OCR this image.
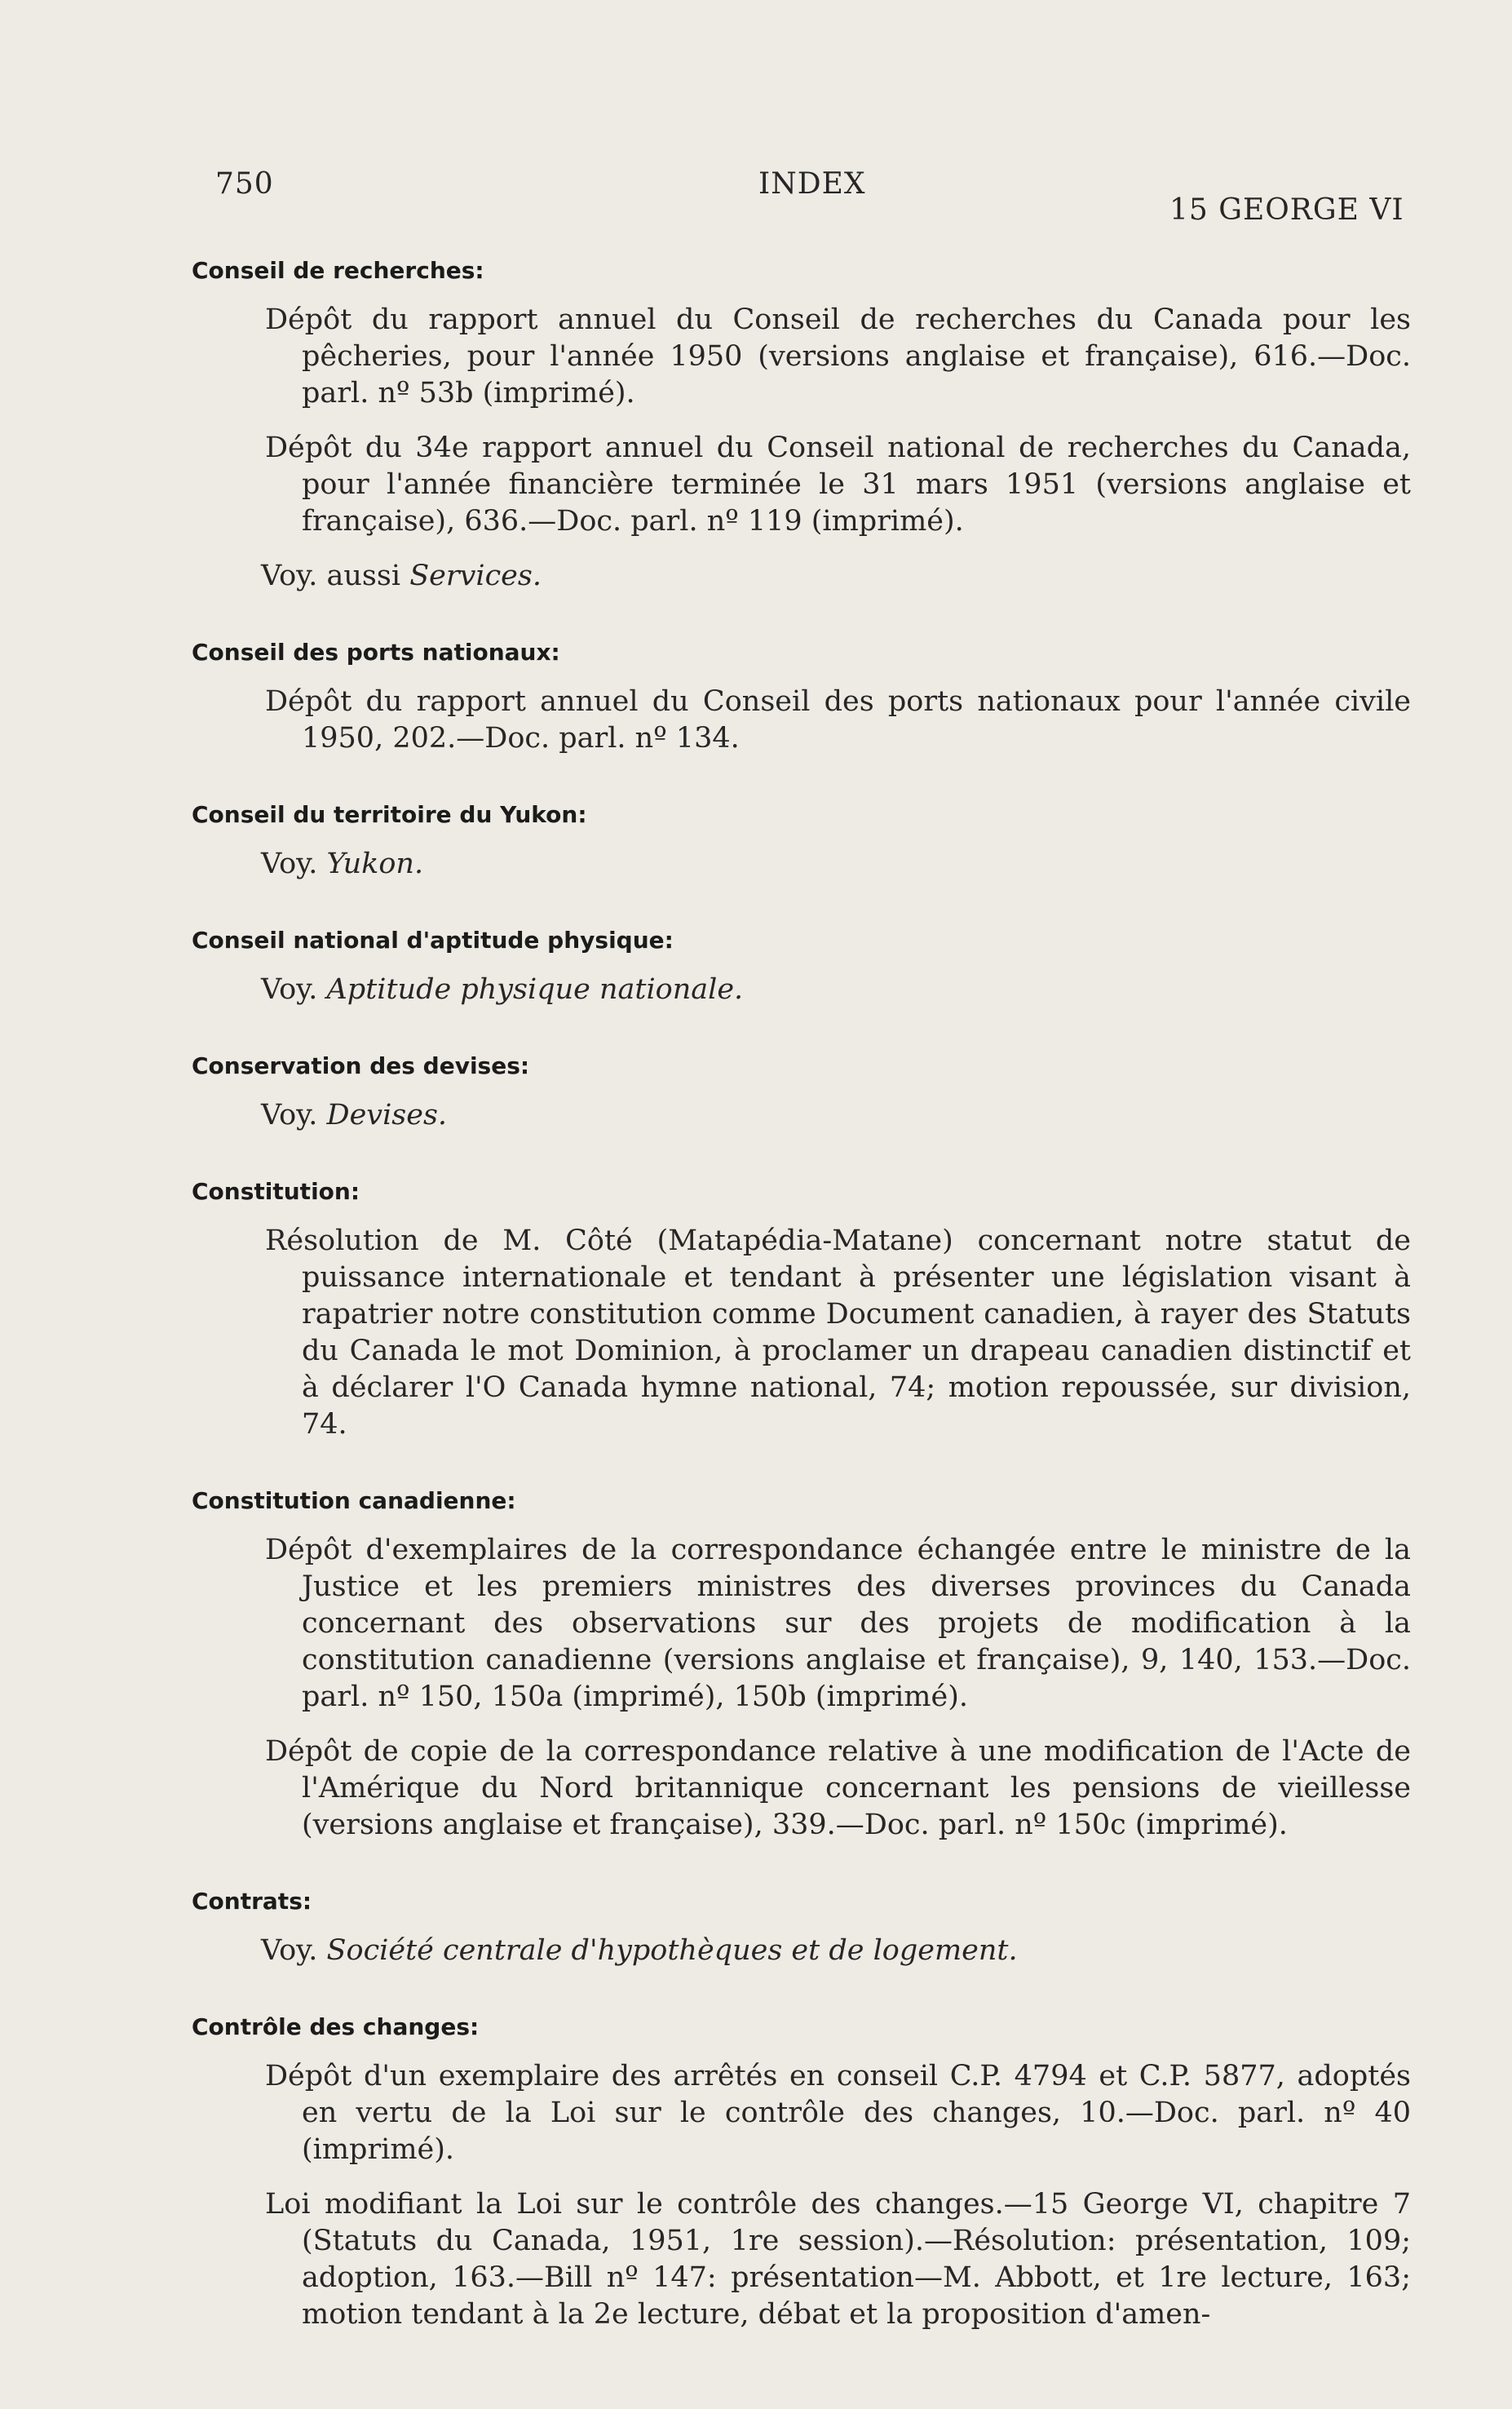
750	INDEX
15 GEORGE VI
Conseil de recherches:
Dépôt du rapport annuel du Conseil de recherches du Canada pour les pêcheries, pour l'année 1950 (versions anglaise et française), 616.—Doc. parl. nº 53b (imprimé).
Dépôt du 34e rapport annuel du Conseil national de recherches du Canada, pour l'année financière terminée le 31 mars 1951 (versions anglaise et française), 636.—Doc. parl. nº 119 (imprimé).
Voy. aussi Services.
Conseil des ports nationaux:
Dépôt du rapport annuel du Conseil des ports nationaux pour l'année civile 1950, 202.—Doc. parl. nº 134.
Conseil du territoire du Yukon:
Voy. Yukon.
Conseil national d'aptitude physique:
Voy. Aptitude physique nationale.
Conservation des devises:
Voy. Devises.
Constitution:
Résolution de M. Côté (Matapédia-Matane) concernant notre statut de puissance internationale et tendant à présenter une législation visant à rapatrier notre constitution comme Document canadien, à rayer des Statuts du Canada le mot Dominion, à proclamer un drapeau canadien distinctif et à déclarer l'O Canada hymne national, 74; motion repoussée, sur division, 74.
Constitution canadienne:
Dépôt d'exemplaires de la correspondance échangée entre le ministre de la Justice et les premiers ministres des diverses provinces du Canada concernant des observations sur des projets de modification à la constitution canadienne (versions anglaise et française), 9, 140, 153.—Doc. parl. nº 150, 150a (imprimé), 150b (imprimé).
Dépôt de copie de la correspondance relative à une modification de l'Acte de l'Amérique du Nord britannique concernant les pensions de vieillesse (versions anglaise et française), 339.—Doc. parl. nº 150c (imprimé).
Contrats:
Voy. Société centrale d'hypothèques et de logement.
Contrôle des changes:
Dépôt d'un exemplaire des arrêtés en conseil C.P. 4794 et C.P. 5877, adoptés en vertu de la Loi sur le contrôle des changes, 10.—Doc. parl. nº 40 (imprimé).
Loi modifiant la Loi sur le contrôle des changes.—15 George VI, chapitre 7 (Statuts du Canada, 1951, 1re session).—Résolution: présentation, 109; adoption, 163.—Bill nº 147: présentation—M. Abbott, et 1re lecture, 163; motion tendant à la 2e lecture, débat et la proposition d'amen-
